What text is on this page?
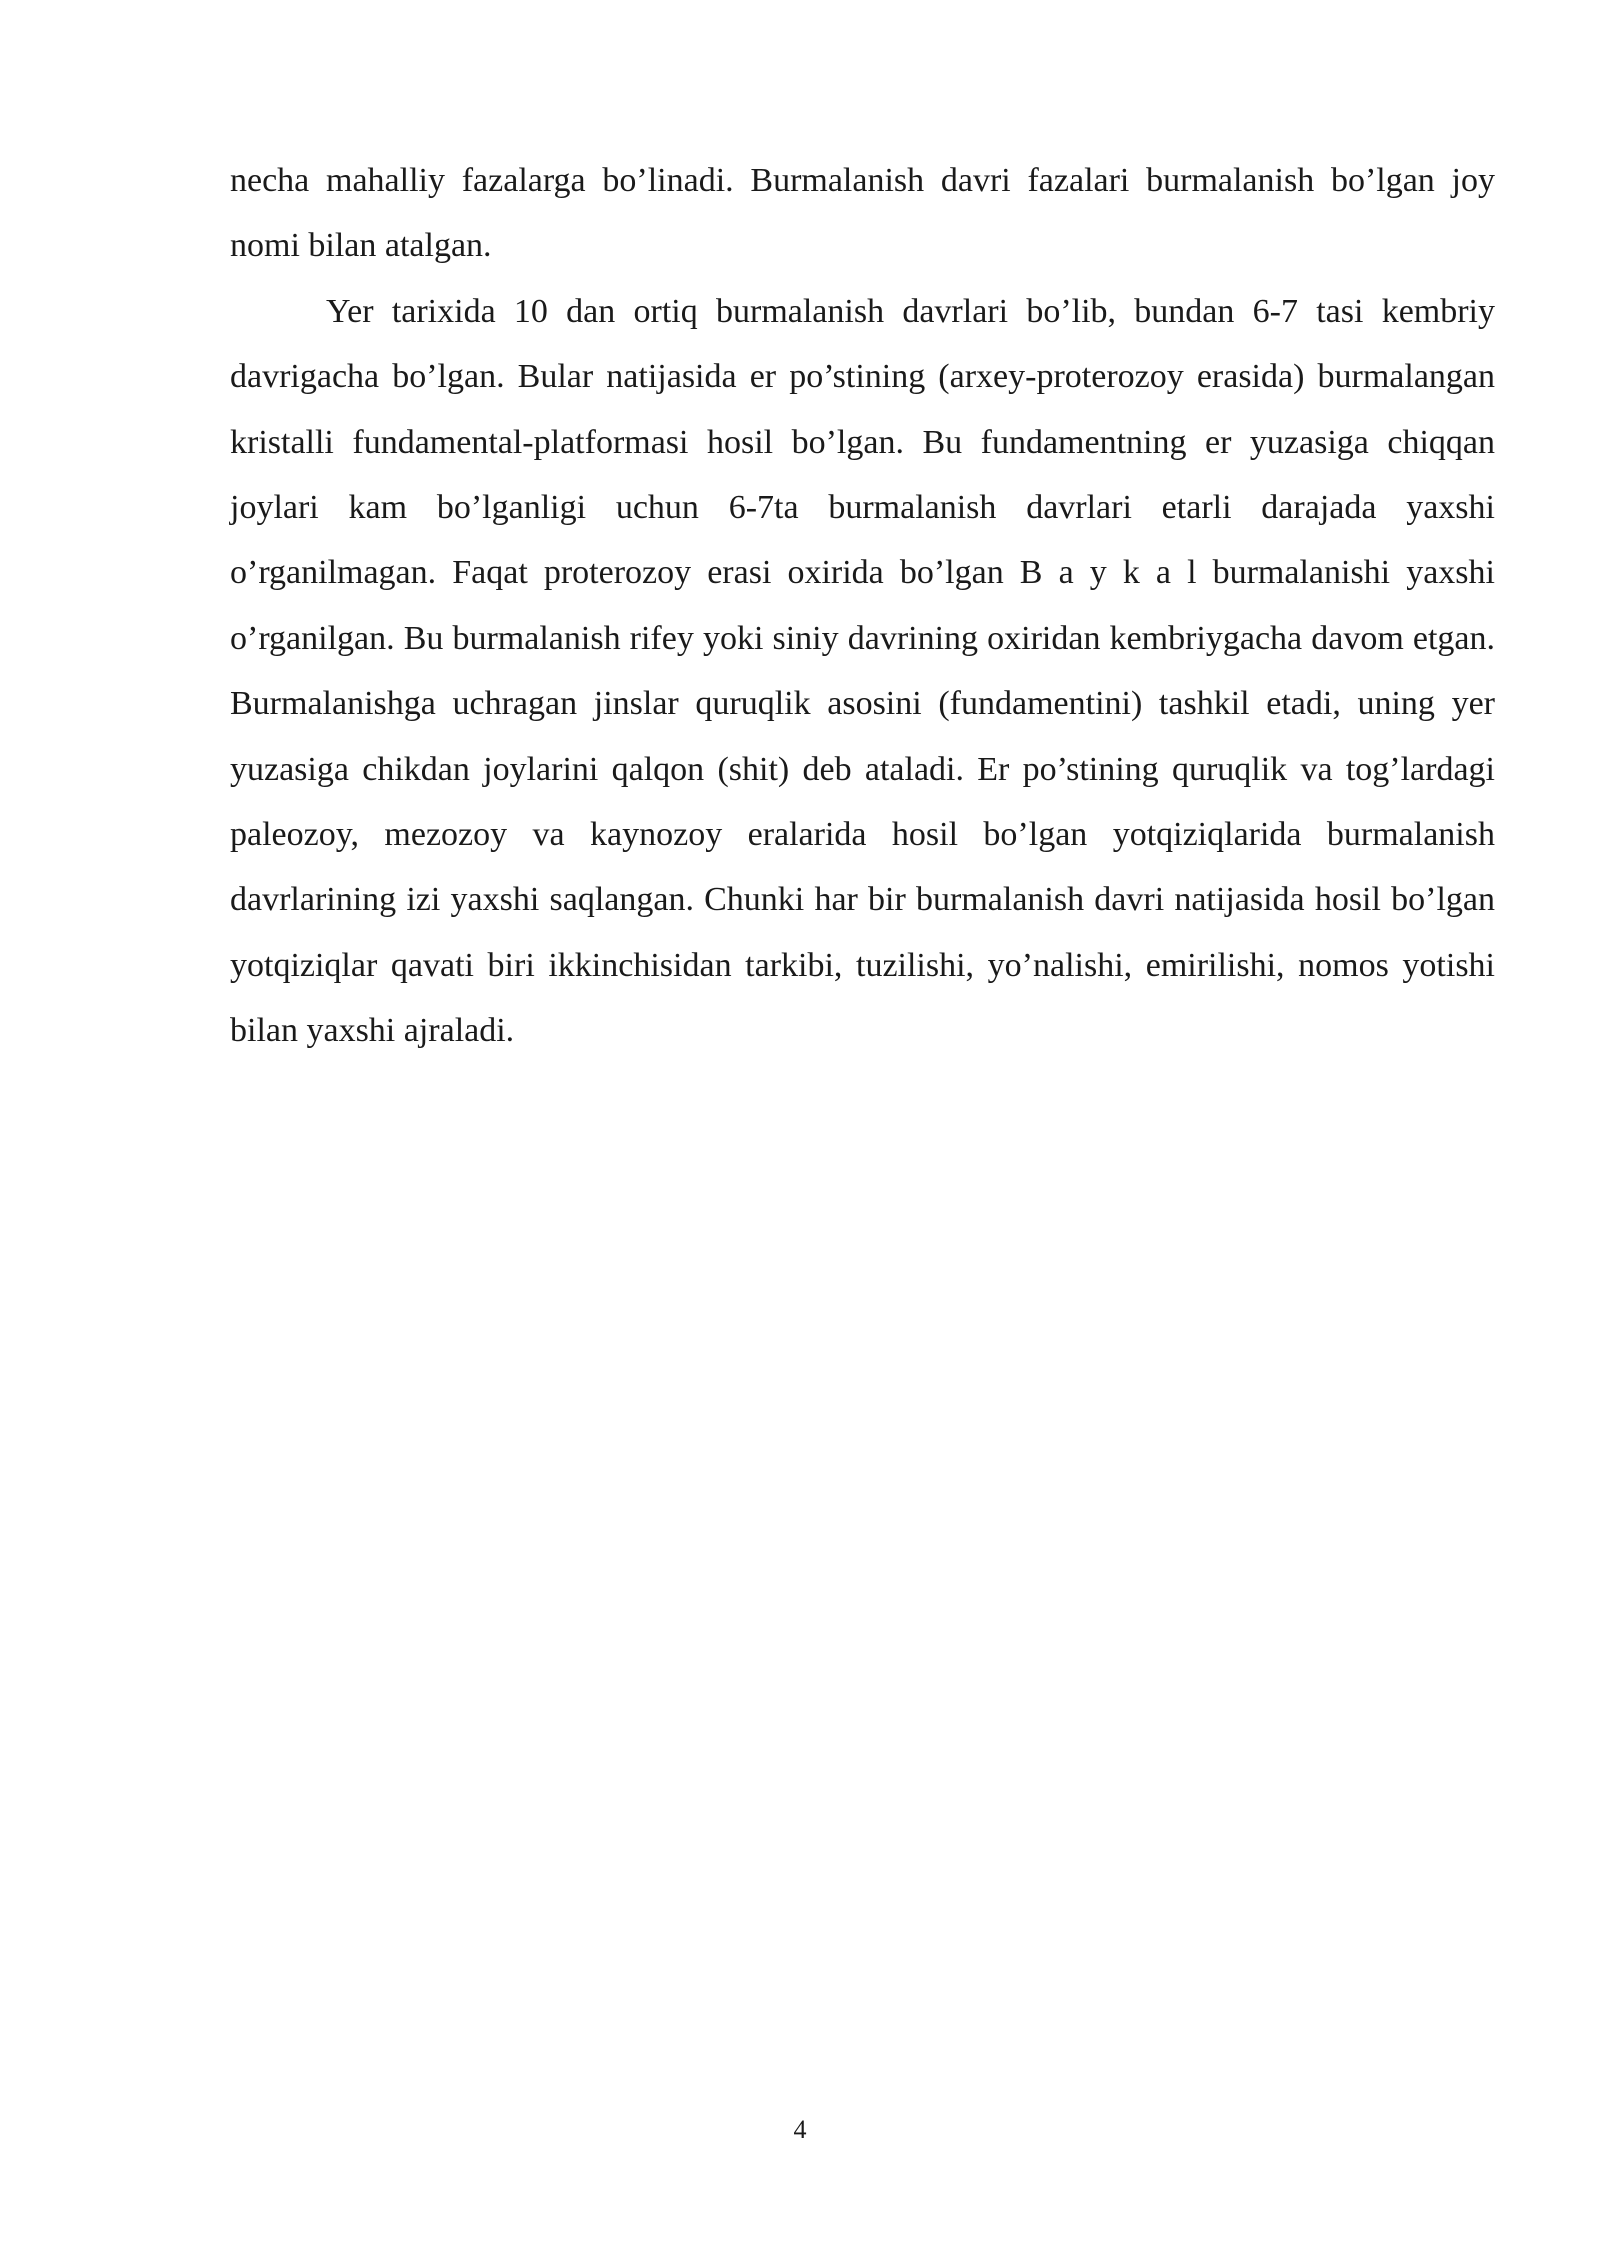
necha mahalliy fazalarga bo’linadi. Burmalanish davri fazalari burmalanish bo’lgan joy nomi bilan atalgan.

Yer tarixida 10 dan ortiq burmalanish davrlari bo’lib, bundan 6-7 tasi kembriy davrigacha bo’lgan. Bular natijasida er po’stining (arxey-proterozoy erasida) burmalangan kristalli fundamental-platformasi hosil bo’lgan. Bu fundamentning er yuzasiga chiqqan joylari kam bo’lganligi uchun 6-7ta burmalanish davrlari etarli darajada yaxshi o’rganilmagan. Faqat proterozoy erasi oxirida bo’lgan B a y k a l burmalanishi yaxshi o’rganilgan. Bu burmalanish rifey yoki siniy davrining oxiridan kembriygacha davom etgan. Burmalanishga uchragan jinslar quruqlik asosini (fundamentini) tashkil etadi, uning yer yuzasiga chikdan joylarini qalqon (shit) deb ataladi. Er po’stining quruqlik va tog’lardagi paleozoy, mezozoy va kaynozoy eralarida hosil bo’lgan yotqiziqlarida burmalanish davrlarining izi yaxshi saqlangan. Chunki har bir burmalanish davri natijasida hosil bo’lgan yotqiziqlar qavati biri ikkinchisidan tarkibi, tuzilishi, yo’nalishi, emirilishi, nomos yotishi bilan yaxshi ajraladi.

4
